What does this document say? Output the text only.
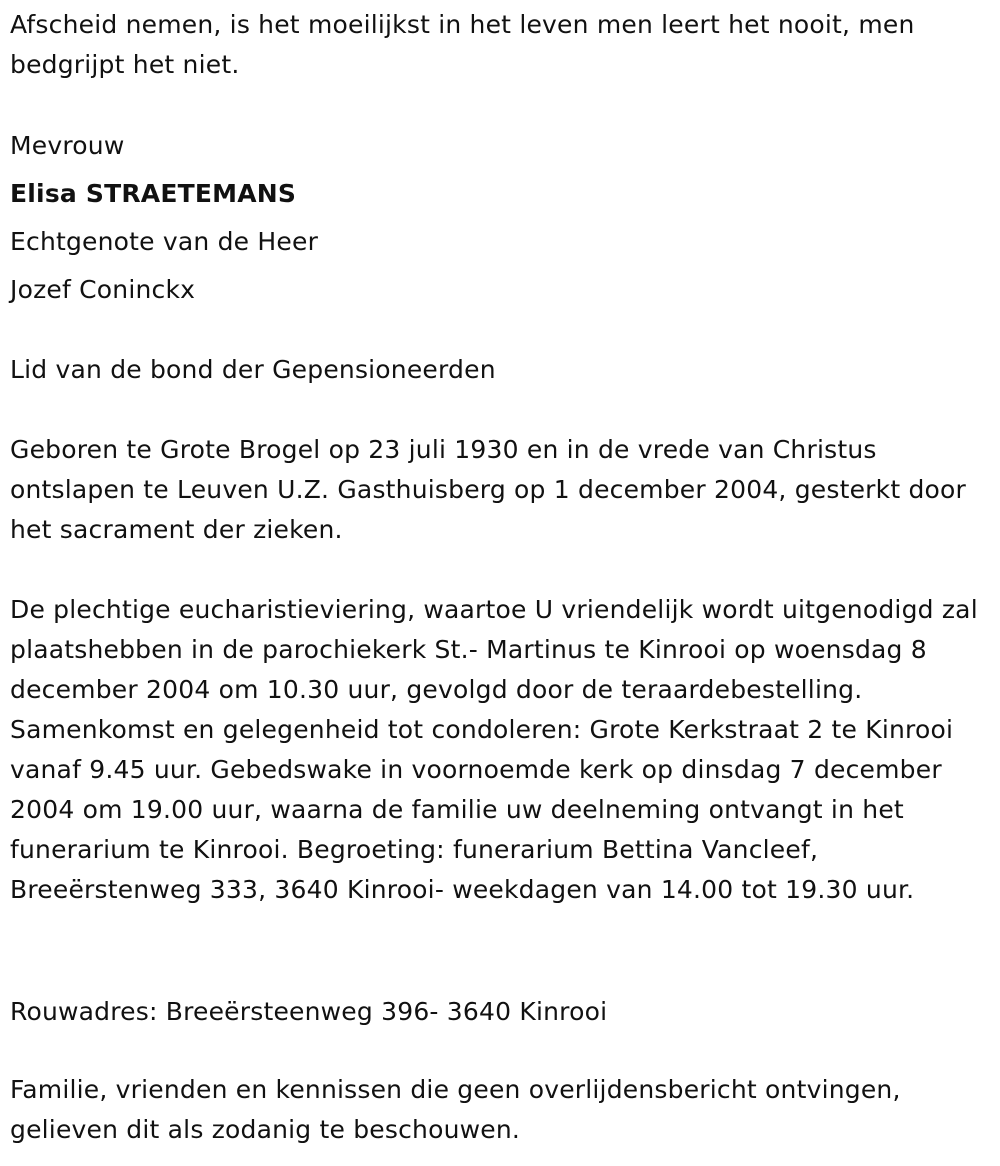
Afscheid nemen, is het moeilijkst in het leven men leert het nooit, men bedgrijpt het niet.

Mevrouw

Elisa STRAETEMANS

Echtgenote van de Heer

Jozef Coninckx

Lid van de bond der Gepensioneerden

Geboren te Grote Brogel op 23 juli 1930 en in de vrede van Christus ontslapen te Leuven U.Z. Gasthuisberg op 1 december 2004, gesterkt door het sacrament der zieken.

De plechtige eucharistieviering, waartoe U vriendelijk wordt uitgenodigd zal plaatshebben in de parochiekerk St.- Martinus te Kinrooi op woensdag 8 december 2004 om 10.30 uur, gevolgd door de teraardebestelling. Samenkomst en gelegenheid tot condoleren: Grote Kerkstraat 2 te Kinrooi vanaf 9.45 uur. Gebedswake in voornoemde kerk op dinsdag 7 december 2004 om 19.00 uur, waarna de familie uw deelneming ontvangt in het funerarium te Kinrooi. Begroeting: funerarium Bettina Vancleef, Breeërstenweg 333, 3640 Kinrooi- weekdagen van 14.00 tot 19.30 uur.

Rouwadres: Breeërsteenweg 396- 3640 Kinrooi

Familie, vrienden en kennissen die geen overlijdensbericht ontvingen, gelieven dit als zodanig te beschouwen.
